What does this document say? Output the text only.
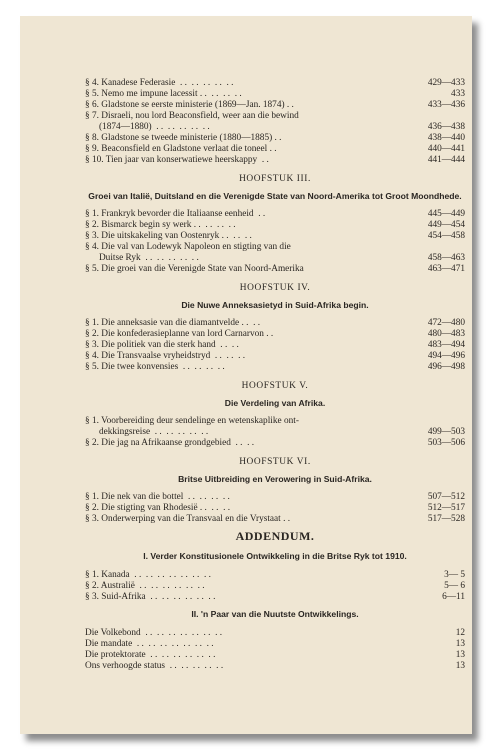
§ 4. Kanadese Federasie  . .  . .  . .  . .  . .	429—433
§ 5. Nemo me impune lacessit . .  . .  . .  . .	433
§ 6. Gladstone se eerste ministerie (1869—Jan. 1874) . .	433—436
§ 7. Disraeli, nou lord Beaconsfield, weer aan die bewind
(1874—1880)  . .  . .  . .  . .  . .	436—438
§ 8. Gladstone se tweede ministerie (1880—1885) . .	438—440
§ 9. Beaconsfield en Gladstone verlaat die toneel . .	440—441
§ 10. Tien jaar van konserwatiewe heerskappy  . .	441—444
HOOFSTUK III.
Groei van Italië, Duitsland en die Verenigde State van Noord-Amerika tot Groot Moondhede.
§ 1. Frankryk bevorder die Italiaanse eenheid  . .	445—449
§ 2. Bismarck begin sy werk . .  . .  . .  . .	449—454
§ 3. Die uitskakeling van Oostenryk . .  . .  . .	454—458
§ 4. Die val van Lodewyk Napoleon en stigting van die
Duitse Ryk  . .  . .  . .  . .  . .	458—463
§ 5. Die groei van die Verenigde State van Noord-Amerika	463—471
HOOFSTUK IV.
Die Nuwe Anneksasietyd in Suid-Afrika begin.
§ 1. Die anneksasie van die diamantvelde . .  . .	472—480
§ 2. Die konfederasieplanne van lord Carnarvon . .	480—483
§ 3. Die politiek van die sterk hand  . .  . .	483—494
§ 4. Die Transvaalse vryheidstryd  . .  . .  . .	494—496
§ 5. Die twee konvensies  . .  . .  . .  . .	496—498
HOOFSTUK V.
Die Verdeling van Afrika.
§ 1. Voorbereiding deur sendelinge en wetenskaplike ont-
dekkingsreise  . .  . .  . .  . .  . .	499—503
§ 2. Die jag na Afrikaanse grondgebied  . .  . .	503—506
HOOFSTUK VI.
Britse Uitbreiding en Verowering in Suid-Afrika.
§ 1. Die nek van die bottel  . .  . .  . .  . .	507—512
§ 2. Die stigting van Rhodesië . .  . .  . .	512—517
§ 3. Onderwerping van die Transvaal en die Vrystaat . .	517—528
ADDENDUM.
I. Verder Konstitusionele Ontwikkeling in die Britse Ryk tot 1910.
§ 1. Kanada  . .  . .  . .  . .  . .  . .  . .	3— 5
§ 2. Australië  . .  . .  . .  . .  . .  . .	5— 6
§ 3. Suid-Afrika  . .  . .  . .  . .  . .  . .	6—11
II. 'n Paar van die Nuutste Ontwikkelings.
Die Volkebond  . .  . .  . .  . .  . .  . .  . .	12
Die mandate  . .  . .  . .  . .  . .  . .  . .	13
Die protektorate  . .  . .  . .  . .  . .  . .	13
Ons verhoogde status  . .  . .  . .  . .  . .	13
